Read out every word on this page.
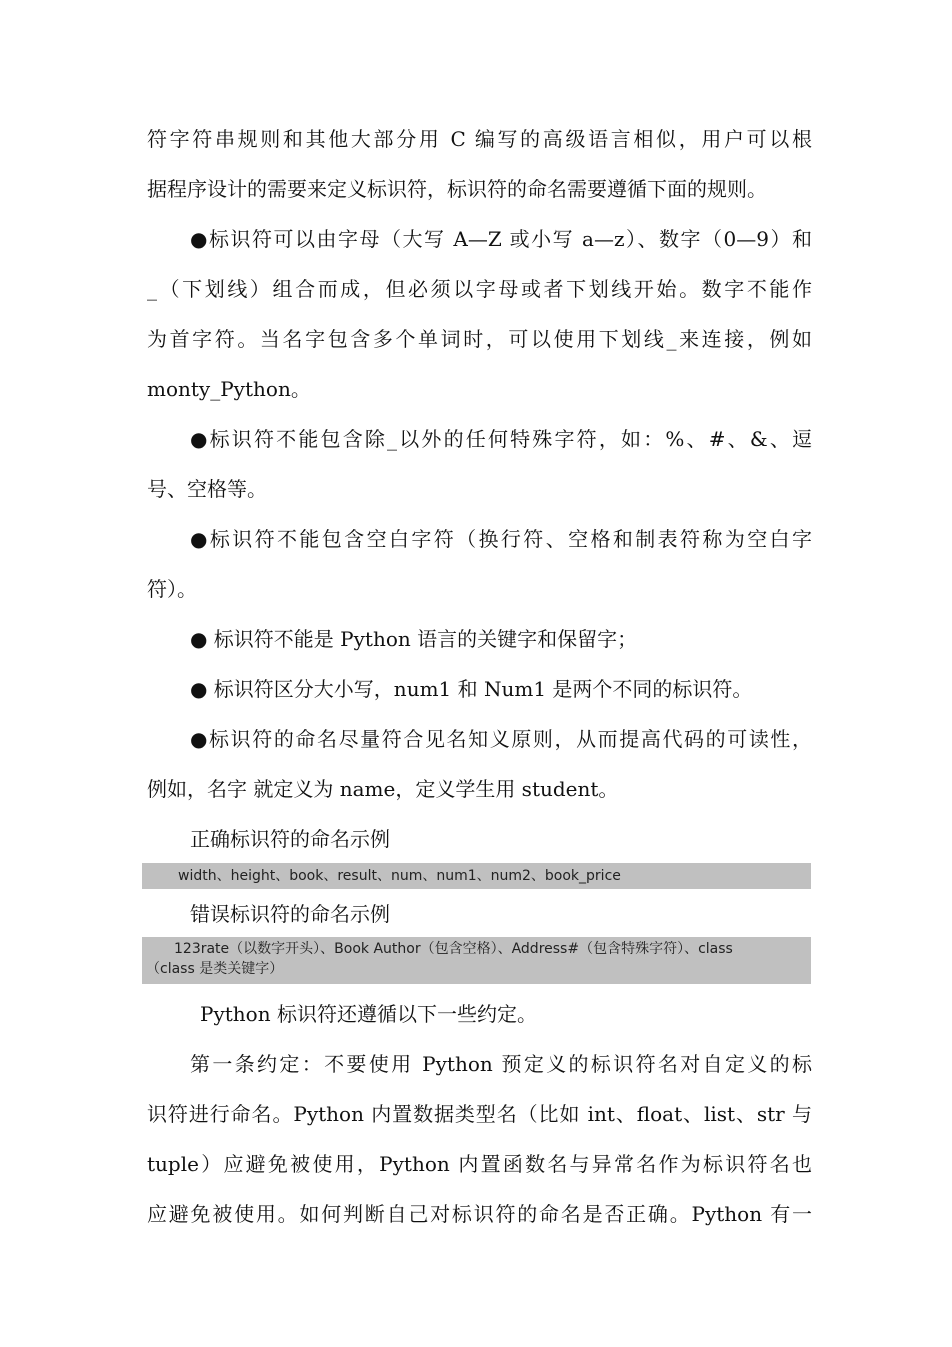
符字符串规则和其他大部分用 C 编写的高级语言相似，用户可以根
据程序设计的需要来定义标识符，标识符的命名需要遵循下面的规则。
●标识符可以由字母（大写 A—Z 或小写 a—z）、数字（0—9）和
_（下划线）组合而成，但必须以字母或者下划线开始。数字不能作
为首字符。当名字包含多个单词时，可以使用下划线_来连接，例如
monty_Python。
●标识符不能包含除_以外的任何特殊字符，如：%、#、&、逗
号、空格等。
●标识符不能包含空白字符（换行符、空格和制表符称为空白字
符）。
● 标识符不能是 Python 语言的关键字和保留字；
● 标识符区分大小写，num1 和 Num1 是两个不同的标识符。
●标识符的命名尽量符合见名知义原则，从而提高代码的可读性，
例如，名字 就定义为 name，定义学生用 student。
正确标识符的命名示例
width、height、book、result、num、num1、num2、book_price
错误标识符的命名示例
123rate（以数字开头）、Book Author（包含空格）、Address#（包含特殊字符）、class
（class 是类关键字）
Python 标识符还遵循以下一些约定。
第一条约定：不要使用 Python 预定义的标识符名对自定义的标
识符进行命名。Python 内置数据类型名（比如 int、float、list、str 与
tuple）应避免被使用，Python 内置函数名与异常名作为标识符名也
应避免被使用。如何判断自己对标识符的命名是否正确。Python 有一
